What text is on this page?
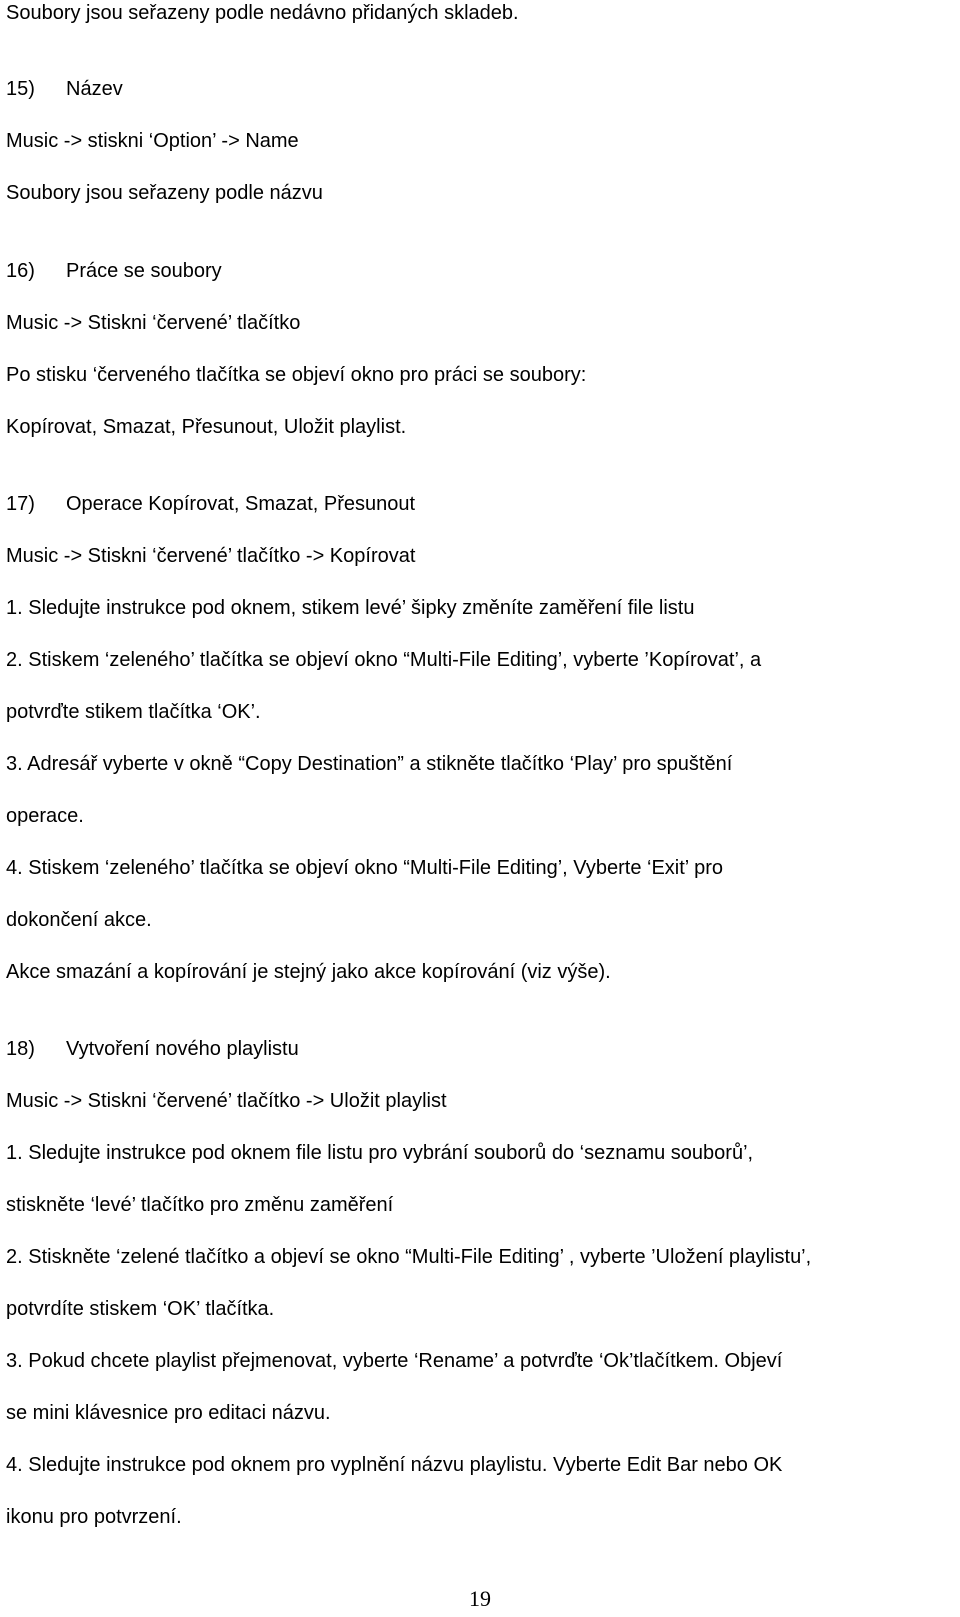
Soubory jsou seřazeny podle nedávno přidaných skladeb.

15) Název

Music -> stiskni ‘Option’ -> Name

Soubory jsou seřazeny podle názvu

16) Práce se soubory

Music -> Stiskni ‘červené’ tlačítko

Po stisku ‘červeného tlačítka se objeví okno pro práci se soubory:

Kopírovat, Smazat, Přesunout, Uložit playlist.

17) Operace Kopírovat, Smazat, Přesunout

Music -> Stiskni ‘červené’ tlačítko -> Kopírovat

1. Sledujte instrukce pod oknem, stikem levé’ šipky změníte zaměření file listu

2. Stiskem ‘zeleného’ tlačítka se objeví okno “Multi-File Editing’, vyberte ’Kopírovat’, a

potvrďte stikem tlačítka ‘OK’.

3. Adresář vyberte v okně “Copy Destination” a stikněte tlačítko ‘Play’ pro spuštění

operace.

4. Stiskem ‘zeleného’ tlačítka se objeví okno “Multi-File Editing’, Vyberte ‘Exit’ pro

dokončení akce.

Akce smazání a kopírování je stejný jako akce kopírování (viz výše).

18) Vytvoření nového playlistu

Music -> Stiskni ‘červené’ tlačítko -> Uložit playlist

1. Sledujte instrukce pod oknem file listu pro vybrání souborů do ‘seznamu souborů’,

stiskněte ‘levé’ tlačítko pro změnu zaměření

2. Stiskněte ‘zelené tlačítko a objeví se okno “Multi-File Editing’ , vyberte ’Uložení playlistu’,

potvrdíte stiskem ‘OK’ tlačítka.

3. Pokud chcete playlist přejmenovat, vyberte ‘Rename’ a potvrďte ‘Ok’tlačítkem. Objeví

se mini klávesnice pro editaci názvu.

4. Sledujte instrukce pod oknem pro vyplnění názvu playlistu. Vyberte Edit Bar nebo OK

ikonu pro potvrzení.

19
